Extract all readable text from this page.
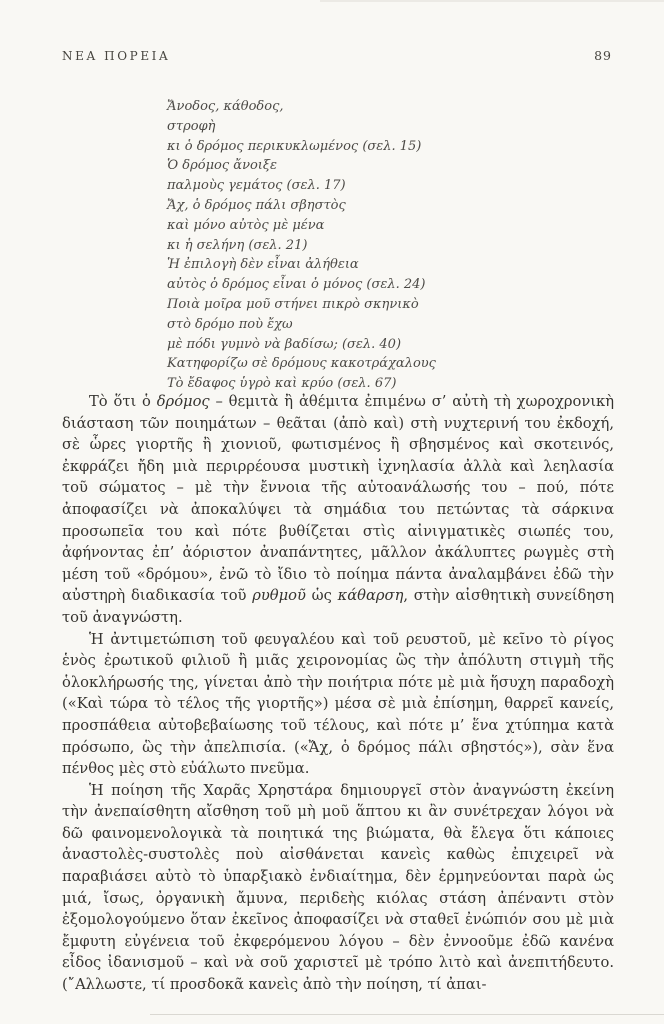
ΝΕΑ ΠΟΡΕΙΑ	89
Ἄνοδος, κάθοδος,
στροφὴ
κι ὁ δρόμος περικυκλωμένος (σελ. 15)
Ὁ δρόμος ἄνοιξε
παλμοὺς γεμάτος (σελ. 17)
Ἄχ, ὁ δρόμος πάλι σβηστὸς
καὶ μόνο αὐτὸς μὲ μένα
κι ἡ σελήνη (σελ. 21)
Ἡ ἐπιλογὴ δὲν εἶναι ἀλήθεια
αὐτὸς ὁ δρόμος εἶναι ὁ μόνος (σελ. 24)
Ποιὰ μοῖρα μοῦ στήνει πικρὸ σκηνικὸ
στὸ δρόμο ποὺ ἔχω
μὲ πόδι γυμνὸ νὰ βαδίσω; (σελ. 40)
Κατηφορίζω σὲ δρόμους κακοτράχαλους
Τὸ ἔδαφος ὑγρὸ καὶ κρύο (σελ. 67)

Τὸ ὅτι ὁ δρόμος – θεμιτὰ ἢ ἀθέμιτα ἐπιμένω σ’ αὐτὴ τὴ χωροχρονικὴ διάσταση τῶν ποιημάτων – θεᾶται (ἀπὸ καὶ) στὴ νυχτερινή του ἐκδοχή, σὲ ὧρες γιορτῆς ἢ χιονιοῦ, φωτισμένος ἢ σβησμένος καὶ σκοτεινός, ἐκφράζει ἤδη μιὰ περιρρέουσα μυστικὴ ἰχνηλασία ἀλλὰ καὶ λεηλασία τοῦ σώματος – μὲ τὴν ἔννοια τῆς αὐτοανάλωσής του – πού, πότε ἀποφασίζει νὰ ἀποκαλύψει τὰ σημάδια του πετώντας τὰ σάρκινα προσωπεῖα του καὶ πότε βυθίζεται στὶς αἰνιγματικὲς σιωπές του, ἀφήνοντας ἐπ’ ἀόριστον ἀναπάντητες, μᾶλλον ἀκάλυπτες ρωγμὲς στὴ μέση τοῦ «δρόμου», ἐνῶ τὸ ἴδιο τὸ ποίημα πάντα ἀναλαμβάνει ἐδῶ τὴν αὐστηρὴ διαδικασία τοῦ ρυθμοῦ ὡς κάθαρση, στὴν αἰσθητικὴ συνείδηση τοῦ ἀναγνώστη.

Ἡ ἀντιμετώπιση τοῦ φευγαλέου καὶ τοῦ ρευστοῦ, μὲ κεῖνο τὸ ρίγος ἑνὸς ἐρωτικοῦ φιλιοῦ ἢ μιᾶς χειρονομίας ὣς τὴν ἀπόλυτη στιγμὴ τῆς ὁλοκλήρωσής της, γίνεται ἀπὸ τὴν ποιήτρια πότε μὲ μιὰ ἥσυχη παραδοχὴ («Καὶ τώρα τὸ τέλος τῆς γιορτῆς») μέσα σὲ μιὰ ἐπίσημη, θαρρεῖ κανείς, προσπάθεια αὐτοβεβαίωσης τοῦ τέλους, καὶ πότε μ’ ἕνα χτύπημα κατὰ πρόσωπο, ὣς τὴν ἀπελπισία. («Ἄχ, ὁ δρόμος πάλι σβηστός»), σὰν ἕνα πένθος μὲς στὸ εὐάλωτο πνεῦμα.

Ἡ ποίηση τῆς Χαρᾶς Χρηστάρα δημιουργεῖ στὸν ἀναγνώστη ἐκείνη τὴν ἀνεπαίσθητη αἴσθηση τοῦ μὴ μοῦ ἅπτου κι ἂν συνέτρεχαν λόγοι νὰ δῶ φαινομενολογικὰ τὰ ποιητικά της βιώματα, θὰ ἔλεγα ὅτι κάποιες ἀναστολὲς-συστολὲς ποὺ αἰσθάνεται κανεὶς καθὼς ἐπιχειρεῖ νὰ παραβιάσει αὐτὸ τὸ ὑπαρξιακὸ ἐνδιαίτημα, δὲν ἑρμηνεύονται παρὰ ὡς μιά, ἴσως, ὀργανικὴ ἄμυνα, περιδεὴς κιόλας στάση ἀπέναντι στὸν ἐξομολογούμενο ὅταν ἐκεῖνος ἀποφασίζει νὰ σταθεῖ ἐνώπιόν σου μὲ μιὰ ἔμφυτη εὐγένεια τοῦ ἐκφερόμενου λόγου – δὲν ἐννοοῦμε ἐδῶ κανένα εἶδος ἰδανισμοῦ – καὶ νὰ σοῦ χαριστεῖ μὲ τρόπο λιτὸ καὶ ἀνεπιτήδευτο. (῎Αλλωστε, τί προσδοκᾶ κανεὶς ἀπὸ τὴν ποίηση, τί ἀπαι-
